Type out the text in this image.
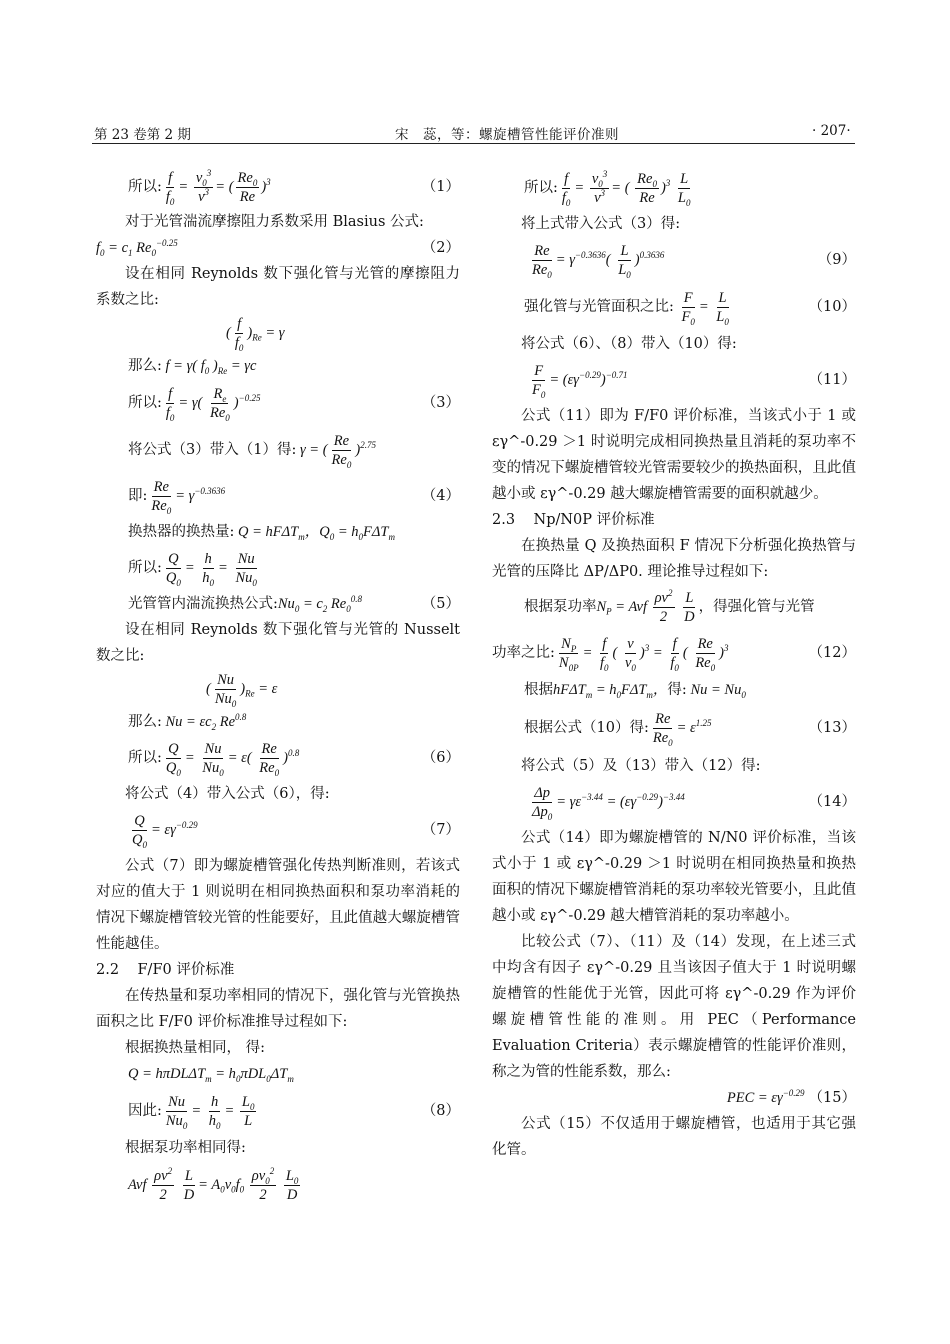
第 23 卷第 2 期	宋　蕊，等：螺旋槽管性能评价准则	· 207·
所以: $\frac{f}{f_0} = \frac{v_0^3}{v^3}$ = ( $\frac{Re_0}{Re} )^3$	（1）

对于光管湍流摩擦阻力系数采用 Blasius 公式:

$f_0 = c_1$ $Re_0^{-0.25}$	（2）

设在相同 Reynolds 数下强化管与光管的摩擦阻力系数之比:

( $\frac{f}{f_0} )_{Re} = \gamma$
那么: f = γ( $f_0$ )$_{Re} = \gamma c$
所以: $\frac{f}{f_0} = \gamma( \frac{R_e}{Re_0} )^{-0.25}$	（3）
将公式（3）带入（1）得: γ = ( $\frac{Re}{Re_0} )^{2.75}$
即: $\frac{Re}{Re_0} = \gamma^{-0.3636}$	（4）
换热器的换热量: Q = hFΔT$_m$，$Q_0 = h_0F\Delta T_m$
所以: $\frac{Q}{Q_0} = \frac{h}{h_0} = \frac{Nu}{Nu_0}$
光管管内湍流换热公式: $Nu_0 = c_2$ $Re_0^{0.8}$	（5）

设在相同 Reynolds 数下强化管与光管的 Nusselt 数之比:

( $\frac{Nu}{Nu_0} )_{Re} = \varepsilon$
那么: $Nu = \varepsilon c_2$ $Re^{0.8}$
所以: $\frac{Q}{Q_0} = \frac{Nu}{Nu_0} = \varepsilon( \frac{Re}{Re_0} )^{0.8}$	（6）

将公式（4）带入公式（6），得:

$\frac{Q}{Q_0} = \varepsilon\gamma^{-0.29}$	（7）

公式（7）即为螺旋槽管强化传热判断准则，若该式对应的值大于 1 则说明在相同换热面积和泵功率消耗的情况下螺旋槽管较光管的性能要好，且此值越大螺旋槽管性能越佳。

2.2 F/F0 评价标准

在传热量和泵功率相同的情况下，强化管与光管换热面积之比 F/F0 评价标准推导过程如下:

根据换热量相同， 得:

$Q = h\pi DL\Delta T_m = h_0\pi DL_0\Delta T_m$
因此: $\frac{Nu}{Nu_0} = \frac{h}{h_0} = \frac{L_0}{L}$	（8）

根据泵功率相同得:

Avf $\frac{\rho v^2}{2}$
$\frac{L}{D} = A_0v_0f_0 \frac{\rho v_0^2}{2}$
$\frac{L_0}{D}$
所以: $\frac{f}{f_0} = \frac{v_0^3}{v^3}$ = ( $\frac{Re_0}{Re} )^3 \frac{L}{L_0}$

将上式带入公式（3）得:

$\frac{Re}{Re_0} = \gamma^{-0.3636}( \frac{L}{L_0} )^{0.3636}$	（9）
强化管与光管面积之比:
$\frac{F}{F_0} = \frac{L}{L_0}$	（10）

将公式（6）、（8）带入（10）得:

$\frac{F}{F_0} = (\varepsilon\gamma^{-0.29})^{-0.71}$	（11）

公式（11）即为 F/F0 评价标准，当该式小于 1 或 εγ^-0.29 ＞1 时说明完成相同换热量且消耗的泵功率不变的情况下螺旋槽管较光管需要较少的换热面积，且此值越小或 εγ^-0.29 越大螺旋槽管需要的面积就越少。

2.3 Np/N0P 评价标准

在换热量 Q 及换热面积 F 情况下分析强化换热管与光管的压降比 ΔP/ΔP0. 理论推导过程如下:

根据泵功率 $N_P$ = Avf $\frac{\rho v^2}{2}$
$\frac{L}{D}$ ，得强化管与光管
功率之比: $\frac{N_P}{N_{0P}} = \frac{f}{f_0}$ ( $\frac{v}{v_0} )^3 = \frac{f}{f_0}$ ( $\frac{Re}{Re_0} )^3$	（12）
根据 $hF\Delta T_m = h_0F\Delta T_m$， 得: $Nu = Nu_0$
根据公式（10）得: $\frac{Re}{Re_0} = \varepsilon^{1.25}$	（13）

将公式（5）及（13）带入（12）得:

$\frac{\Delta p}{\Delta p_0} = \gamma\varepsilon^{-3.44} = (\varepsilon\gamma^{-0.29})^{-3.44}$	（14）

公式（14）即为螺旋槽管的 N/N0 评价标准，当该式小于 1 或 εγ^-0.29 ＞1 时说明在相同换热量和换热面积的情况下螺旋槽管消耗的泵功率较光管要小，且此值越小或 εγ^-0.29 越大槽管消耗的泵功率越小。

比较公式（7）、（11）及（14）发现，在上述三式中均含有因子 εγ^-0.29 且当该因子值大于 1 时说明螺旋槽管的性能优于光管，因此可将 εγ^-0.29 作为评价螺旋槽管性能的准则。用 PEC（Performance Evaluation Criteria）表示螺旋槽管的性能评价准则，称之为管的性能系数，那么:

PEC = $\varepsilon\gamma^{-0.29}$ （15）

公式（15）不仅适用于螺旋槽管，也适用于其它强化管。
